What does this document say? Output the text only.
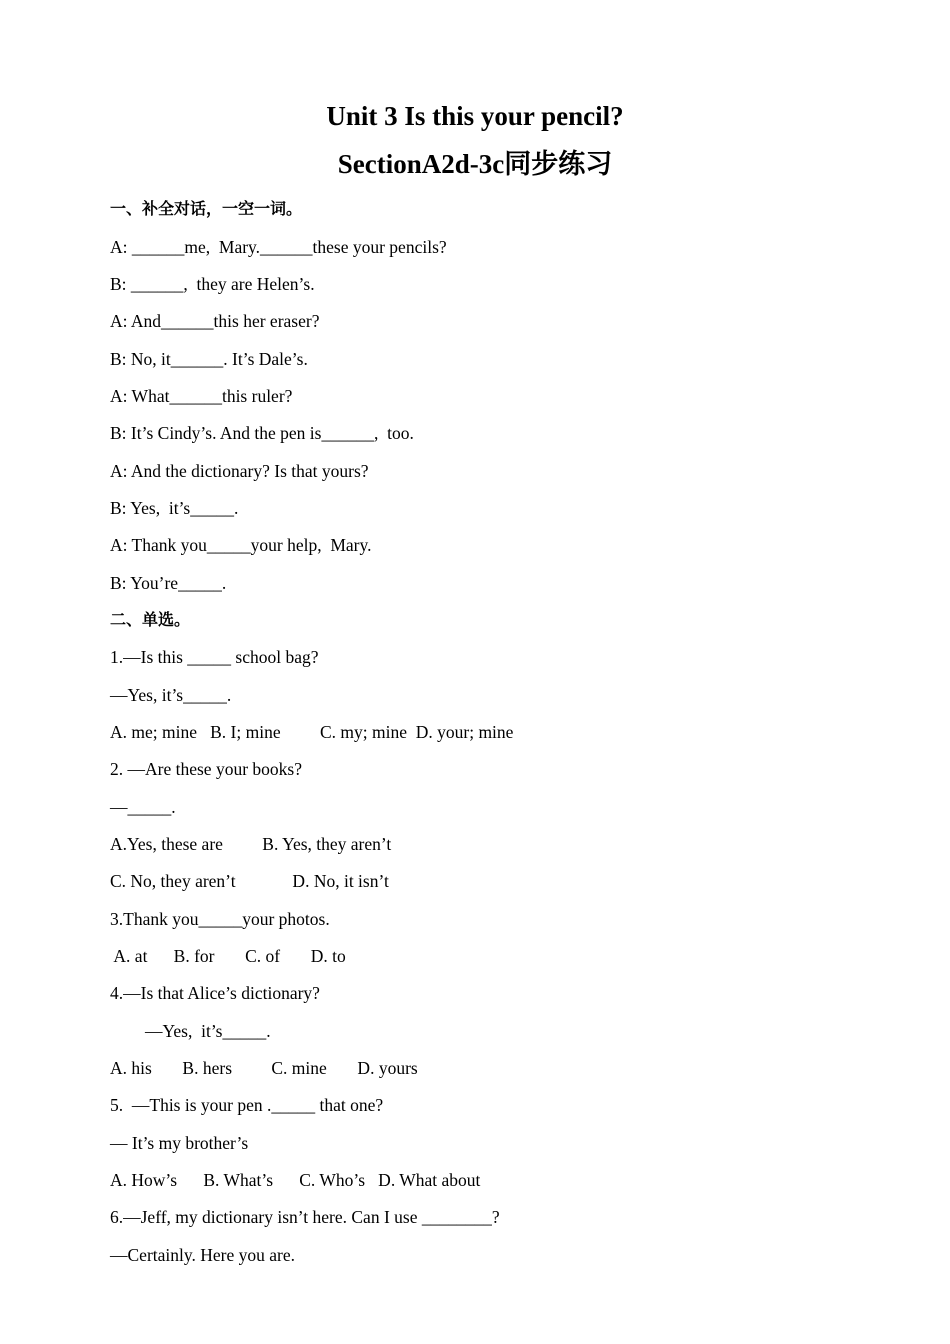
Unit 3 Is this your pencil?
SectionA2d-3c同步练习
一、补全对话，一空一词。
A: ______me,  Mary.______these your pencils?
B: ______,  they are Helen’s.
A: And______this her eraser?
B: No, it______. It’s Dale’s.
A: What______this ruler?
B: It’s Cindy’s. And the pen is______,  too.
A: And the dictionary? Is that yours?
B: Yes,  it’s_____.
A: Thank you_____your help,  Mary.
B: You’re_____.
二、单选。
1.—Is this _____ school bag?
—Yes, it’s_____.
A. me; mine   B. I; mine         C. my; mine  D. your; mine
2. —Are these your books?
—_____.
A.Yes, these are         B. Yes, they aren’t
C. No, they aren’t             D. No, it isn’t
3.Thank you_____your photos.
A. at      B. for       C. of       D. to
4.—Is that Alice’s dictionary?
—Yes,  it’s_____.
A. his       B. hers         C. mine       D. yours
5.  —This is your pen ._____ that one?
— It’s my brother’s
A. How’s      B. What’s      C. Who’s   D. What about
6.—Jeff, my dictionary isn’t here. Can I use ________?
—Certainly. Here you are.
